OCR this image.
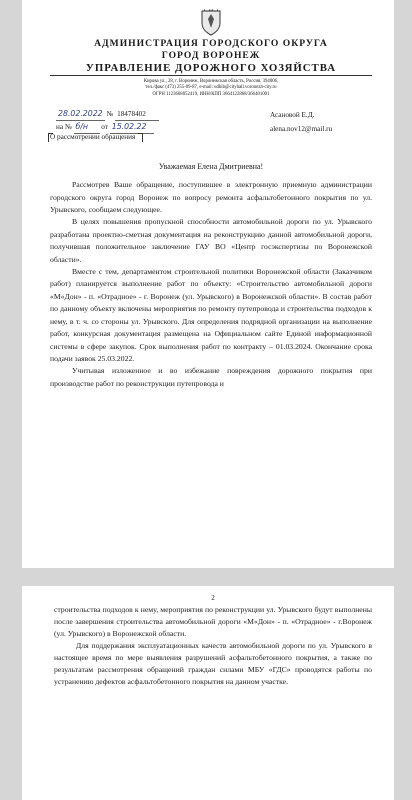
АДМИНИСТРАЦИЯ ГОРОДСКОГО ОКРУГА
ГОРОД ВОРОНЕЖ
УПРАВЛЕНИЕ ДОРОЖНОГО ХОЗЯЙСТВА
Кирова ул., 28, г. Воронеж, Воронежская область, Россия, 394006,
тел./факс (473) 255-09-87, e-mail: udhib@cityhall.voronezh-city.ru
ОГРН 1123668052419, ИНН/КПП 3664122868/366401001
28.02.2022 № 18478402
на № б/н от 15.02.22
Асановой Е.Д.
alena.nov12@mail.ru
О рассмотрении обращения
Уважаемая Елена Дмитриевна!

Рассмотрев Ваше обращение, поступившее в электронную приемную администрации городского округа город Воронеж по вопросу ремонта асфальтобетонного покрытия по ул. Урывского, сообщаем следующее.

В целях повышения пропускной способности автомобильной дороги по ул. Урывского разработана проектно-сметная документация на реконструкцию данной автомобильной дороги, получившая положительное заключение ГАУ ВО «Центр госэкспертизы по Воронежской области».

Вместе с тем, департаментом строительной политики Воронежской области (Заказчиком работ) планируется выполнение работ по объекту: «Строительство автомобильной дороги «М«Дон» - п. «Отрадное» - г. Воронеж (ул. Урывского) в Воронежской области». В состав работ по данному объекту включены мероприятия по ремонту путепровода и строительства подходов к нему, в т. ч. со стороны ул. Урывского. Для определения подрядной организации на выполнение работ, конкурсная документация размещена на Официальном сайте Единой информационной системы в сфере закупок. Срок выполнения работ по контракту – 01.03.2024. Окончание срока подачи заявок 25.03.2022.

Учитывая изложенное и во избежание повреждения дорожного покрытия при производстве работ по реконструкции путепровода и

2

строительства подходов к нему, мероприятия по реконструкции ул. Урывского будут выполнены после завершения строительства автомобильной дороги «М«Дон» - п. «Отрадное» - г.Воронеж (ул. Урывского) в Воронежской области.

Для поддержания эксплуатационных качеств автомобильной дороги по ул. Урывского в настоящее время по мере выявления разрушений асфальтобетонного покрытия, а также по результатам рассмотрения обращений граждан силами МБУ «ГДС» проводятся работы по устранению дефектов асфальтобетонного покрытия на данном участке.
